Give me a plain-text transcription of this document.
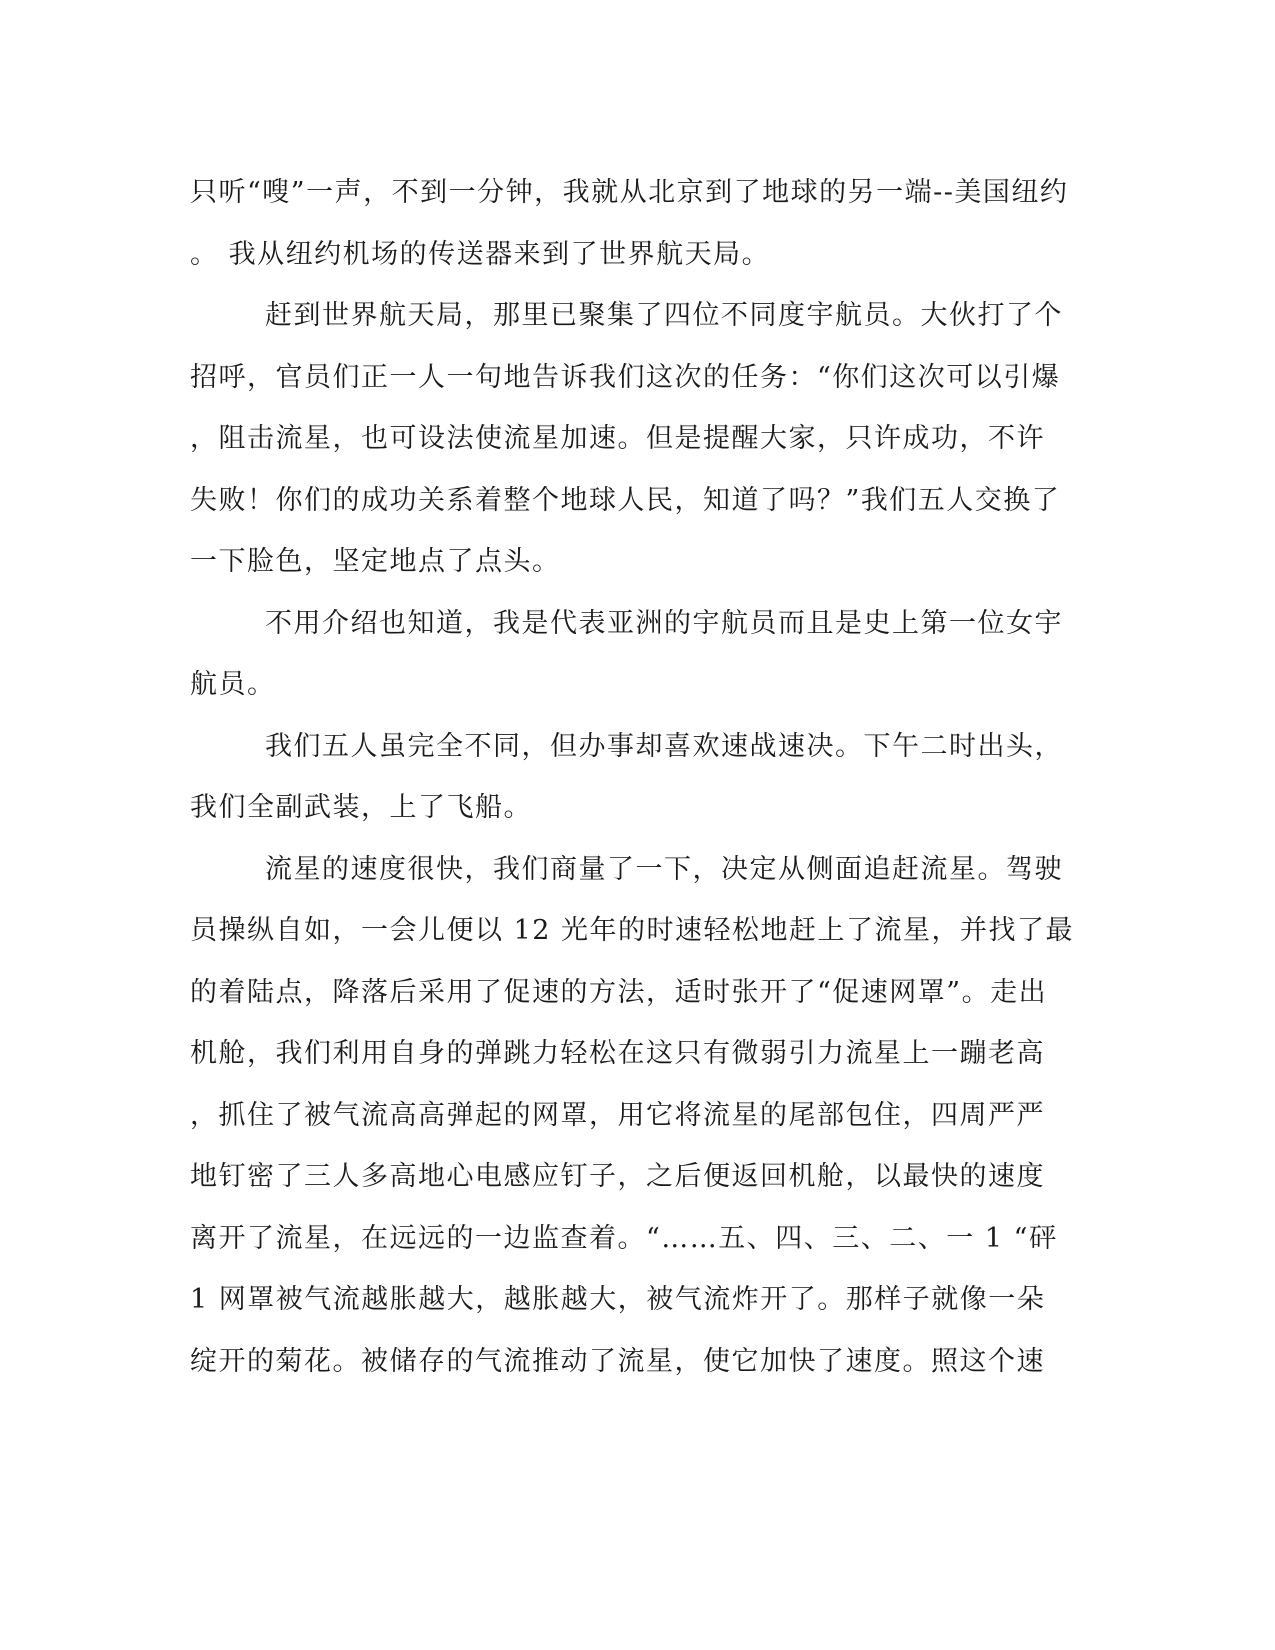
只听“嗖”一声，不到一分钟，我就从北京到了地球的另一端--美国纽约
。 我从纽约机场的传送器来到了世界航天局。
赶到世界航天局，那里已聚集了四位不同度宇航员。大伙打了个
招呼，官员们正一人一句地告诉我们这次的任务：“你们这次可以引爆
，阻击流星，也可设法使流星加速。但是提醒大家，只许成功，不许
失败！你们的成功关系着整个地球人民，知道了吗？”我们五人交换了
一下脸色，坚定地点了点头。
不用介绍也知道，我是代表亚洲的宇航员而且是史上第一位女宇
航员。
我们五人虽完全不同，但办事却喜欢速战速决。下午二时出头，
我们全副武装，上了飞船。
流星的速度很快，我们商量了一下，决定从侧面追赶流星。驾驶
员操纵自如，一会儿便以 12 光年的时速轻松地赶上了流星，并找了最
的着陆点，降落后采用了促速的方法，适时张开了“促速网罩”。走出
机舱，我们利用自身的弹跳力轻松在这只有微弱引力流星上一蹦老高
，抓住了被气流高高弹起的网罩，用它将流星的尾部包住，四周严严
地钉密了三人多高地心电感应钉子，之后便返回机舱，以最快的速度
离开了流星，在远远的一边监查着。“……五、四、三、二、一 1 “砰
1 网罩被气流越胀越大，越胀越大，被气流炸开了。那样子就像一朵
绽开的菊花。被储存的气流推动了流星，使它加快了速度。照这个速
